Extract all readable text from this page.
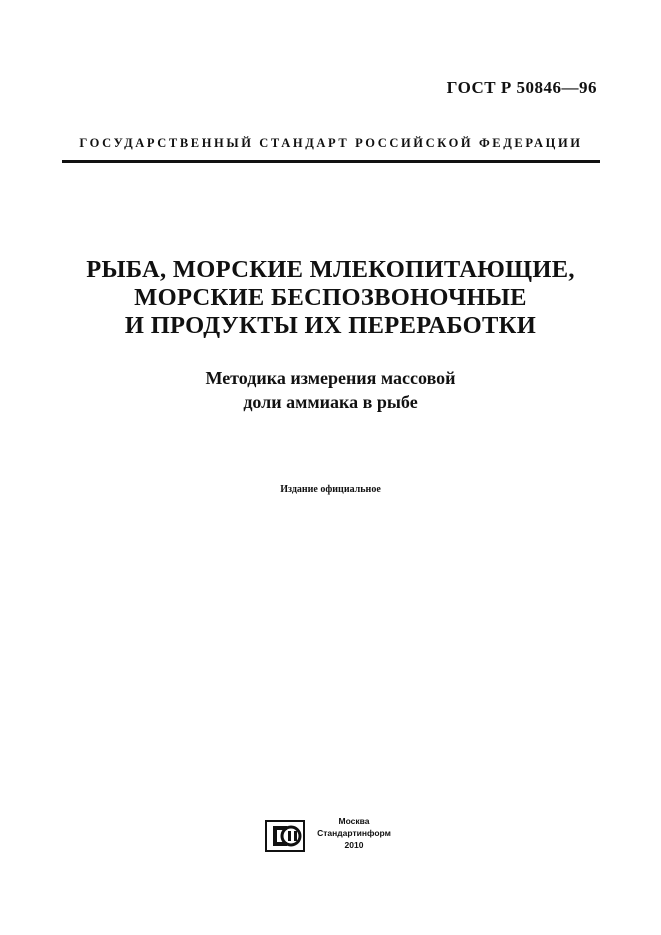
ГОСТ Р 50846—96
ГОСУДАРСТВЕННЫЙ СТАНДАРТ РОССИЙСКОЙ ФЕДЕРАЦИИ
РЫБА, МОРСКИЕ МЛЕКОПИТАЮЩИЕ,
МОРСКИЕ БЕСПОЗВОНОЧНЫЕ
И ПРОДУКТЫ ИХ ПЕРЕРАБОТКИ
Методика измерения массовой
доли аммиака в рыбе
Издание официальное
Москва
Стандартинформ
2010
